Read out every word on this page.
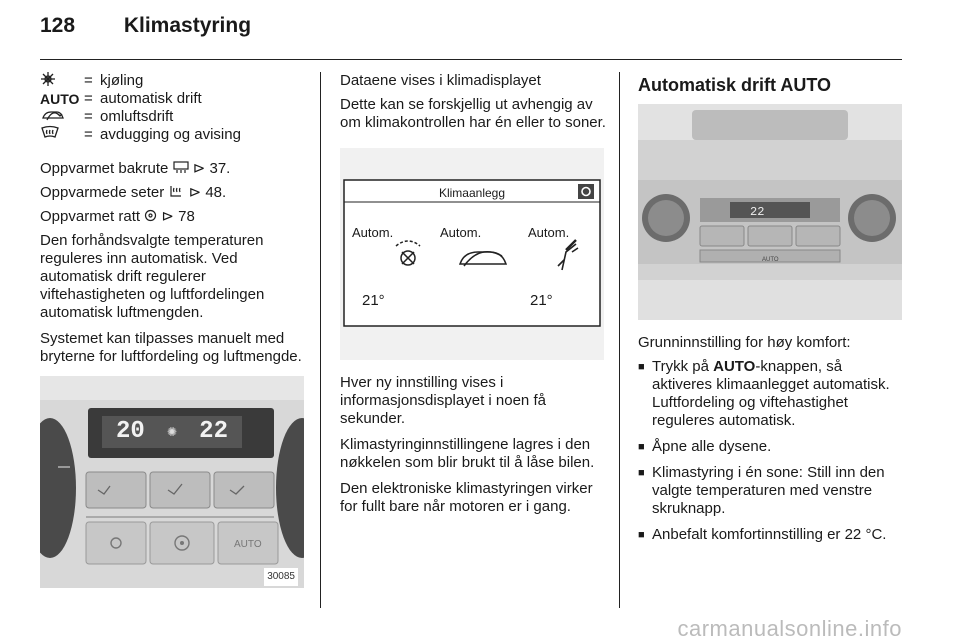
128 Klimastyring
= kjøling
AUTO = automatisk drift
= omluftsdrift
= avdugging og avising

Oppvarmet bakrute ⊳ 37.

Oppvarmede seter ⊳ 48.

Oppvarmet ratt ⊳ 78

Den forhåndsvalgte temperaturen reguleres inn automatisk. Ved automatisk drift regulerer viftehastigheten og luftfordelingen automatisk luftmengden.

Systemet kan tilpasses manuelt med bryterne for luftfordeling og luftmengde.

20 ✺ 22
AUTO
30085

Dataene vises i klimadisplayet

Dette kan se forskjellig ut avhengig av om klimakontrollen har én eller to soner.

Klimaanlegg
Autom.	Autom.	Autom.
21°	21°

Hver ny innstilling vises i informasjonsdisplayet i noen få sekunder.

Klimastyringinnstillingene lagres i den nøkkelen som blir brukt til å låse bilen.

Den elektroniske klimastyringen virker for fullt bare når motoren er i gang.

Automatisk drift AUTO
22
AUTO

Grunninnstilling for høy komfort:

■ Trykk på AUTO-knappen, så aktiveres klimaanlegget automatisk. Luftfordeling og viftehastighet reguleres automatisk.
■ Åpne alle dysene.
■ Klimastyring i én sone: Still inn den valgte temperaturen med venstre skruknapp.
■ Anbefalt komfortinnstilling er 22 °C.
carmanualsonline.info
